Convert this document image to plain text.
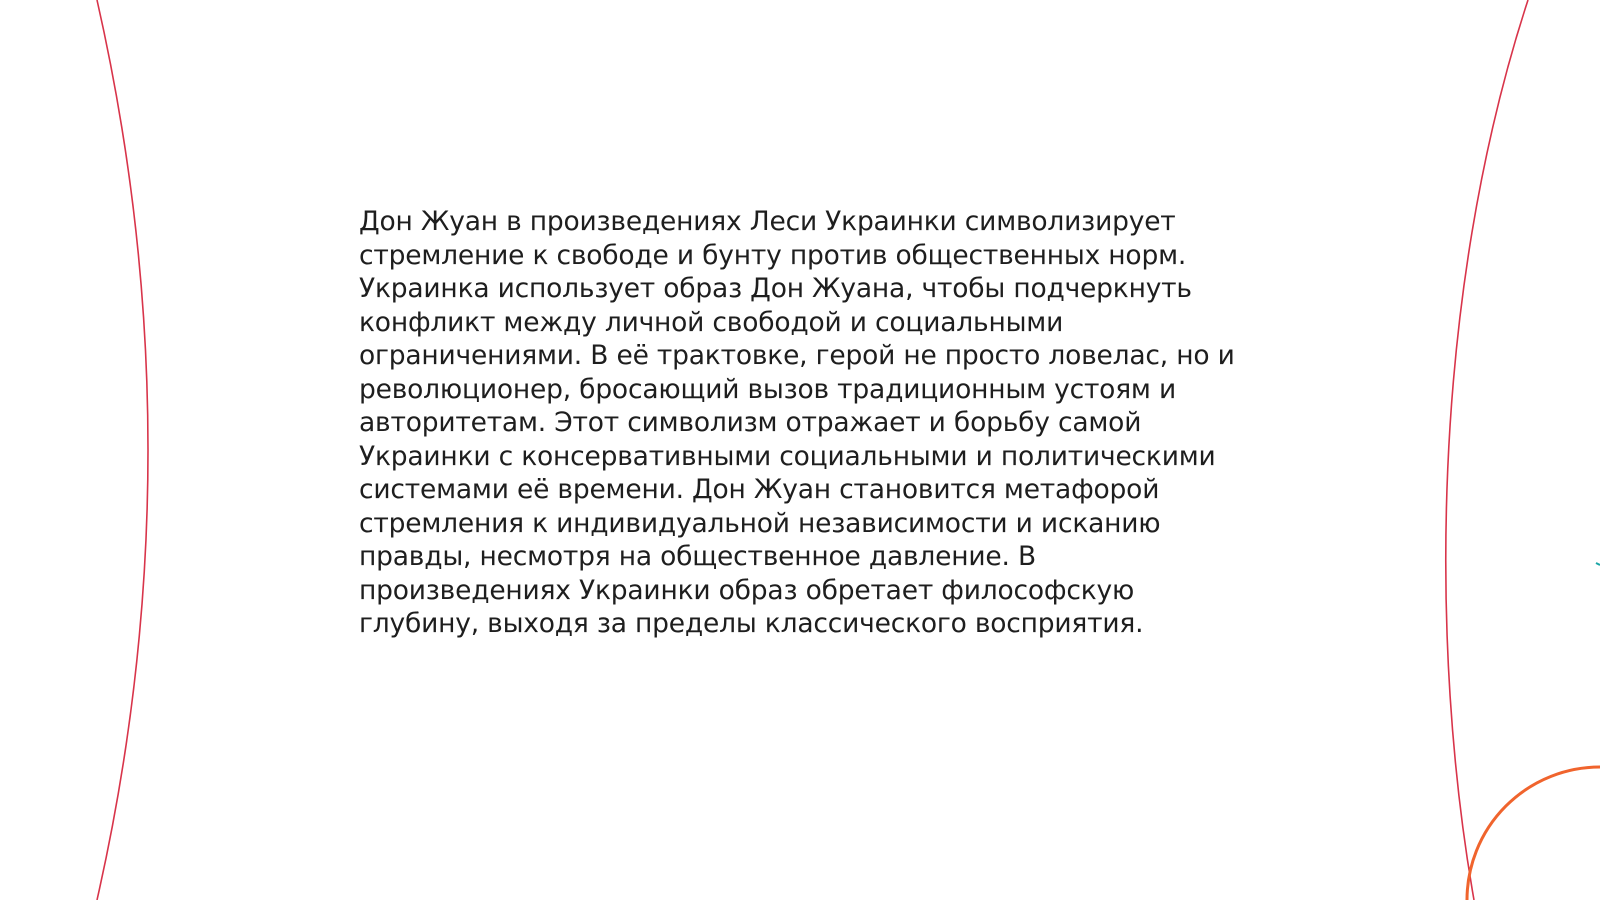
Дон Жуан в произведениях Леси Украинки символизирует
стремление к свободе и бунту против общественных норм.
Украинка использует образ Дон Жуана, чтобы подчеркнуть
конфликт между личной свободой и социальными
ограничениями. В её трактовке, герой не просто ловелас, но и
революционер, бросающий вызов традиционным устоям и
авторитетам. Этот символизм отражает и борьбу самой
Украинки с консервативными социальными и политическими
системами её времени. Дон Жуан становится метафорой
стремления к индивидуальной независимости и исканию
правды, несмотря на общественное давление. В
произведениях Украинки образ обретает философскую
глубину, выходя за пределы классического восприятия.
